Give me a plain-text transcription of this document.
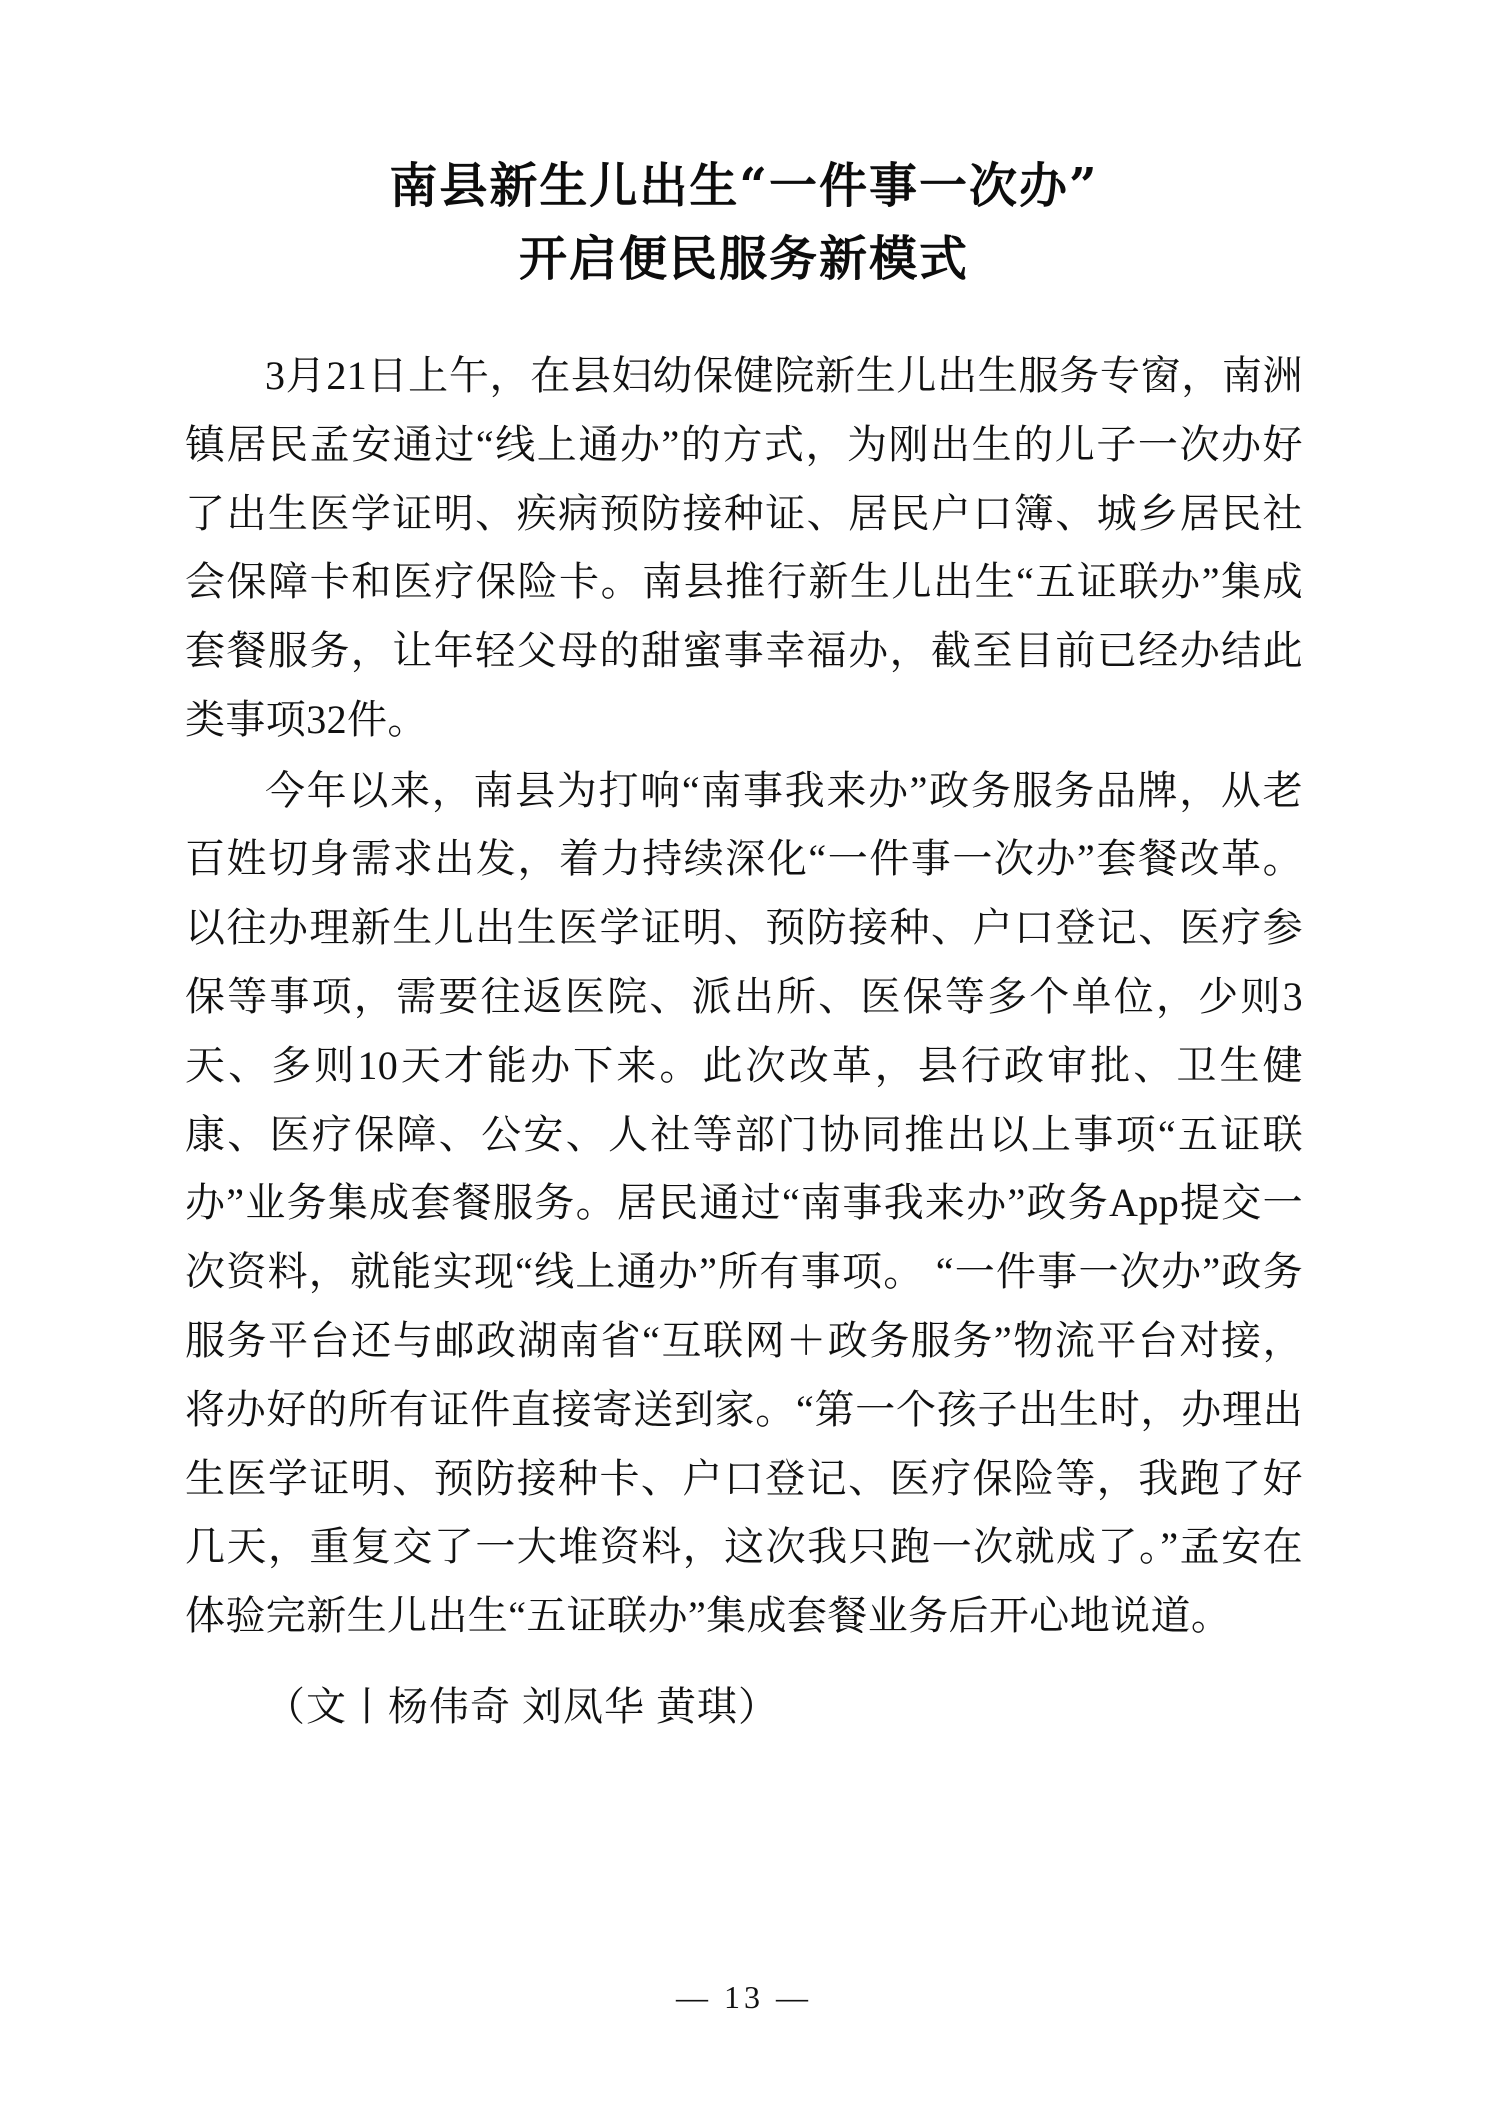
南县新生儿出生“一件事一次办”
开启便民服务新模式

3月21日上午，在县妇幼保健院新生儿出生服务专窗，南洲镇居民孟安通过“线上通办”的方式，为刚出生的儿子一次办好了出生医学证明、疾病预防接种证、居民户口簿、城乡居民社会保障卡和医疗保险卡。南县推行新生儿出生“五证联办”集成套餐服务，让年轻父母的甜蜜事幸福办，截至目前已经办结此类事项32件。

今年以来，南县为打响“南事我来办”政务服务品牌，从老百姓切身需求出发，着力持续深化“一件事一次办”套餐改革。以往办理新生儿出生医学证明、预防接种、户口登记、医疗参保等事项，需要往返医院、派出所、医保等多个单位，少则3天、多则10天才能办下来。此次改革，县行政审批、卫生健康、医疗保障、公安、人社等部门协同推出以上事项“五证联办”业务集成套餐服务。居民通过“南事我来办”政务App提交一次资料，就能实现“线上通办”所有事项。 “一件事一次办”政务服务平台还与邮政湖南省“互联网＋政务服务”物流平台对接，将办好的所有证件直接寄送到家。“第一个孩子出生时，办理出生医学证明、预防接种卡、户口登记、医疗保险等，我跑了好几天，重复交了一大堆资料，这次我只跑一次就成了。”孟安在体验完新生儿出生“五证联办”集成套餐业务后开心地说道。

（文丨杨伟奇 刘凤华 黄琪）

— 13 —
